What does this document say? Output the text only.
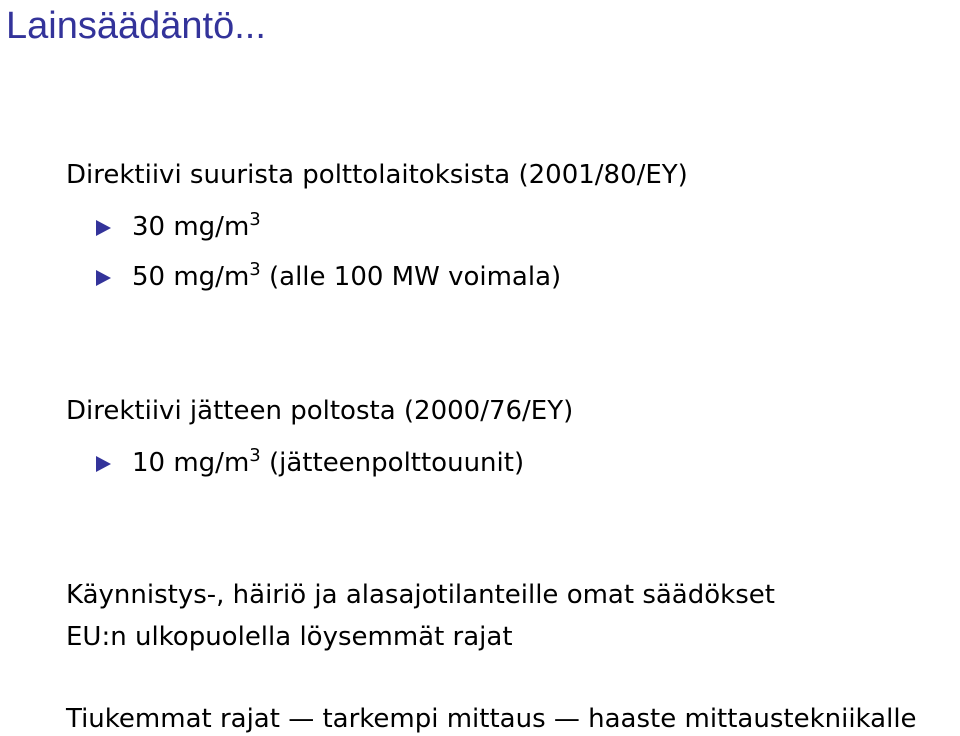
Lainsäädäntö...
Direktiivi suurista polttolaitoksista (2001/80/EY)
30 $mg/m^3$
50 $mg/m^3$ (alle 100 MW voimala)
Direktiivi jätteen poltosta (2000/76/EY)
10 $mg/m^3$ (jätteenpolttouunit)
Käynnistys-, häiriö ja alasajotilanteille omat säädökset
EU:n ulkopuolella löysemmät rajat
Tiukemmat rajat — tarkempi mittaus — haaste mittaustekniikalle
